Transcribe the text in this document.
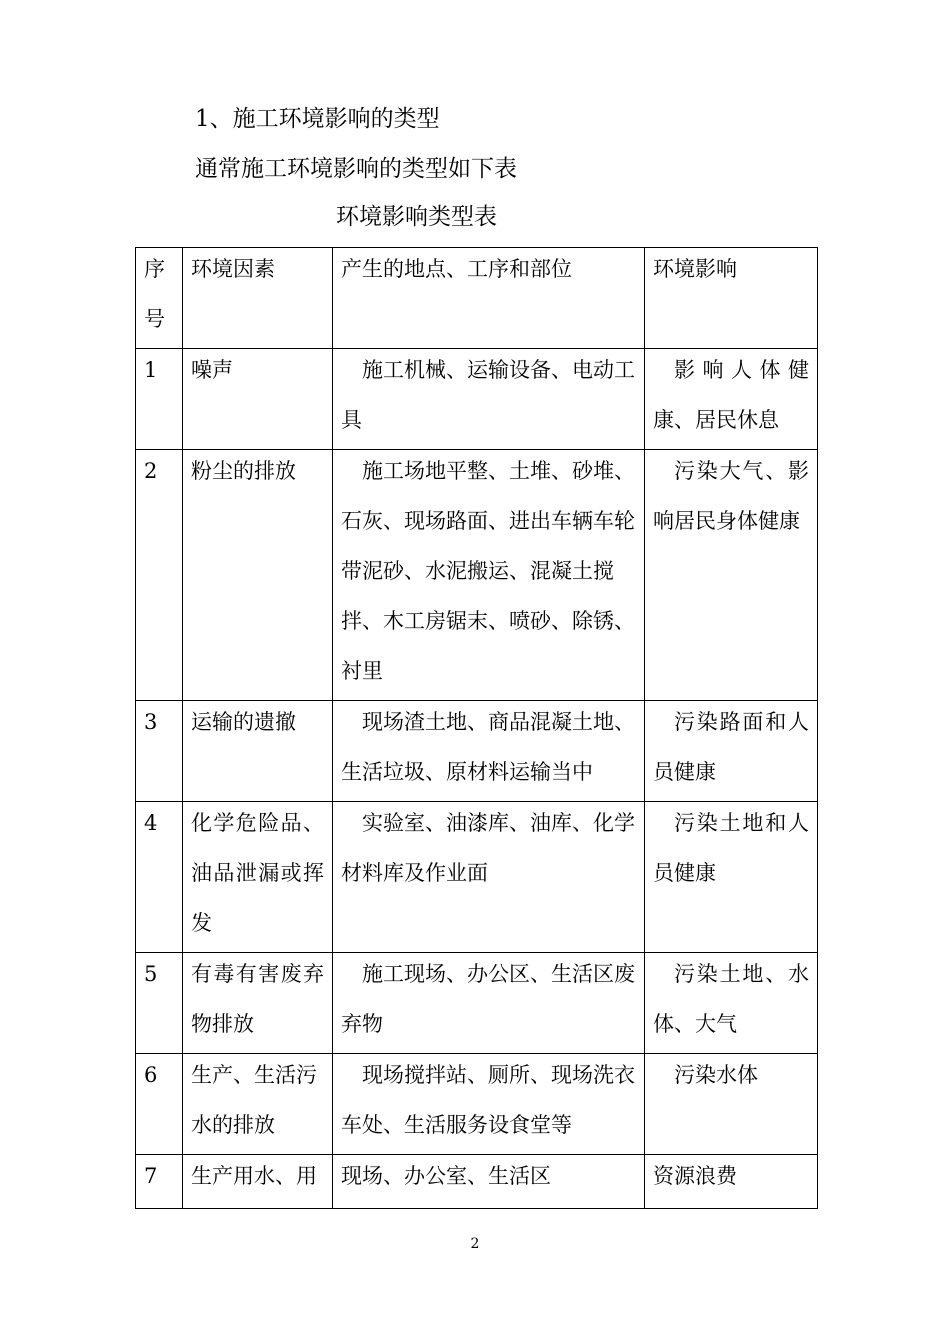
1、施工环境影响的类型
通常施工环境影响的类型如下表
环境影响类型表
序号	环境因素	产生的地点、工序和部位	环境影响

1	噪声	施工机械、运输设备、电动工具	影响人体健康、居民休息

2	粉尘的排放	施工场地平整、土堆、砂堆、石灰、现场路面、进出车辆车轮带泥砂、水泥搬运、混凝土搅拌、木工房锯末、喷砂、除锈、衬里	污染大气、影响居民身体健康

3	运输的遗撤	现场渣土地、商品混凝土地、生活垃圾、原材料运输当中	污染路面和人员健康

4	化学危险品、油品泄漏或挥发	实验室、油漆库、油库、化学材料库及作业面	污染土地和人员健康

5	有毒有害废弃物排放	施工现场、办公区、生活区废弃物	污染土地、水体、大气

6	生产、生活污水的排放	现场搅拌站、厕所、现场洗衣车处、生活服务设食堂等	污染水体

7	生产用水、用	现场、办公室、生活区	资源浪费
2
